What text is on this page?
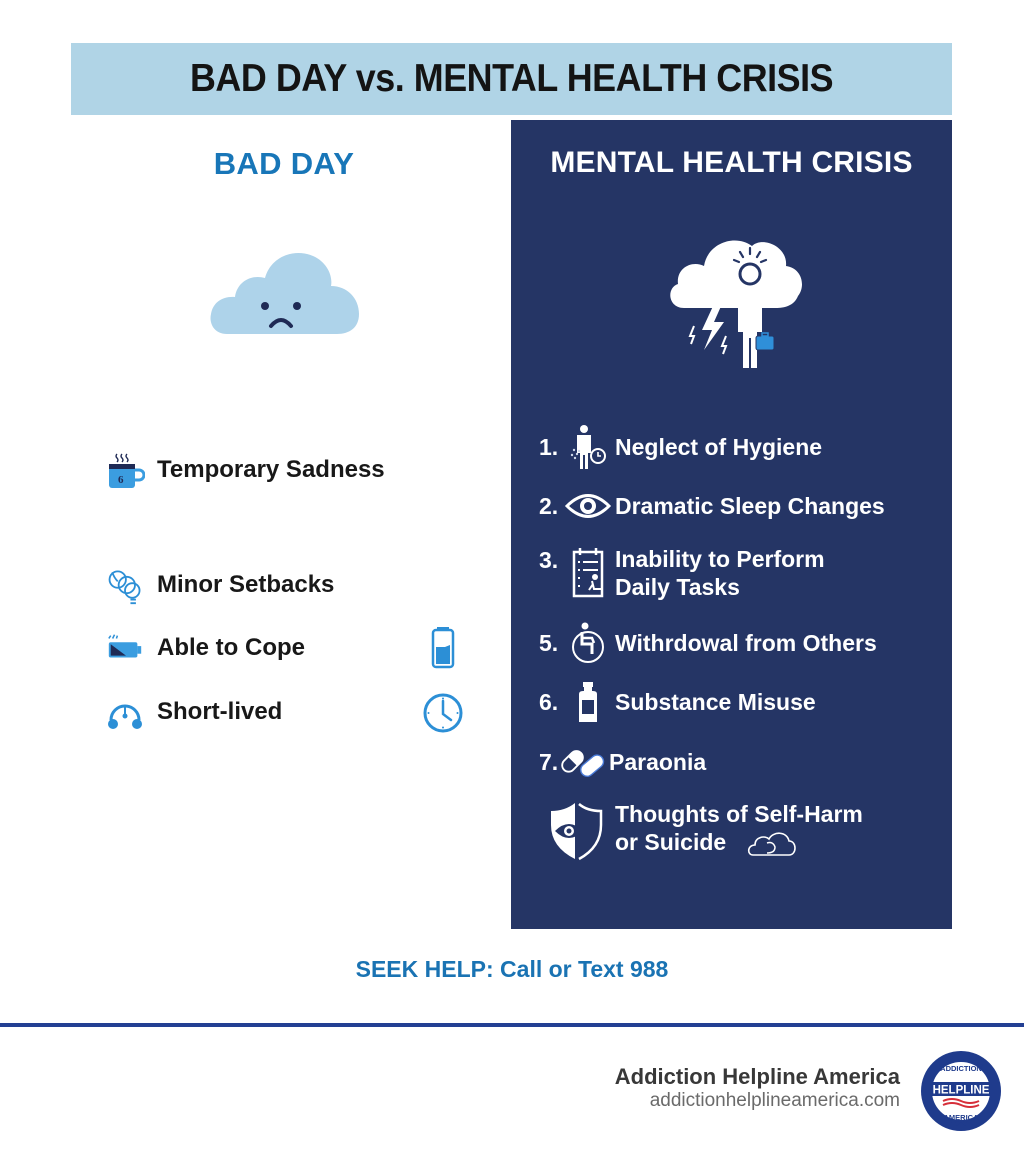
BAD DAY vs. MENTAL HEALTH CRISIS
BAD DAY
6 Temporary Sadness
Minor Setbacks
Able to Cope
Short-lived
MENTAL HEALTH CRISIS
1. Neglect of Hygiene
2. Dramatic Sleep Changes
3. Inability to Perform
Daily Tasks
5. Withrdowal from Others
6. Substance Misuse
7. Paraonia
Thoughts of Self-Harm
or Suicide
SEEK HELP: Call or Text 988
Addiction Helpline America
addictionhelplineamerica.com
ADDICTION
HELPLINE
AMERICA
